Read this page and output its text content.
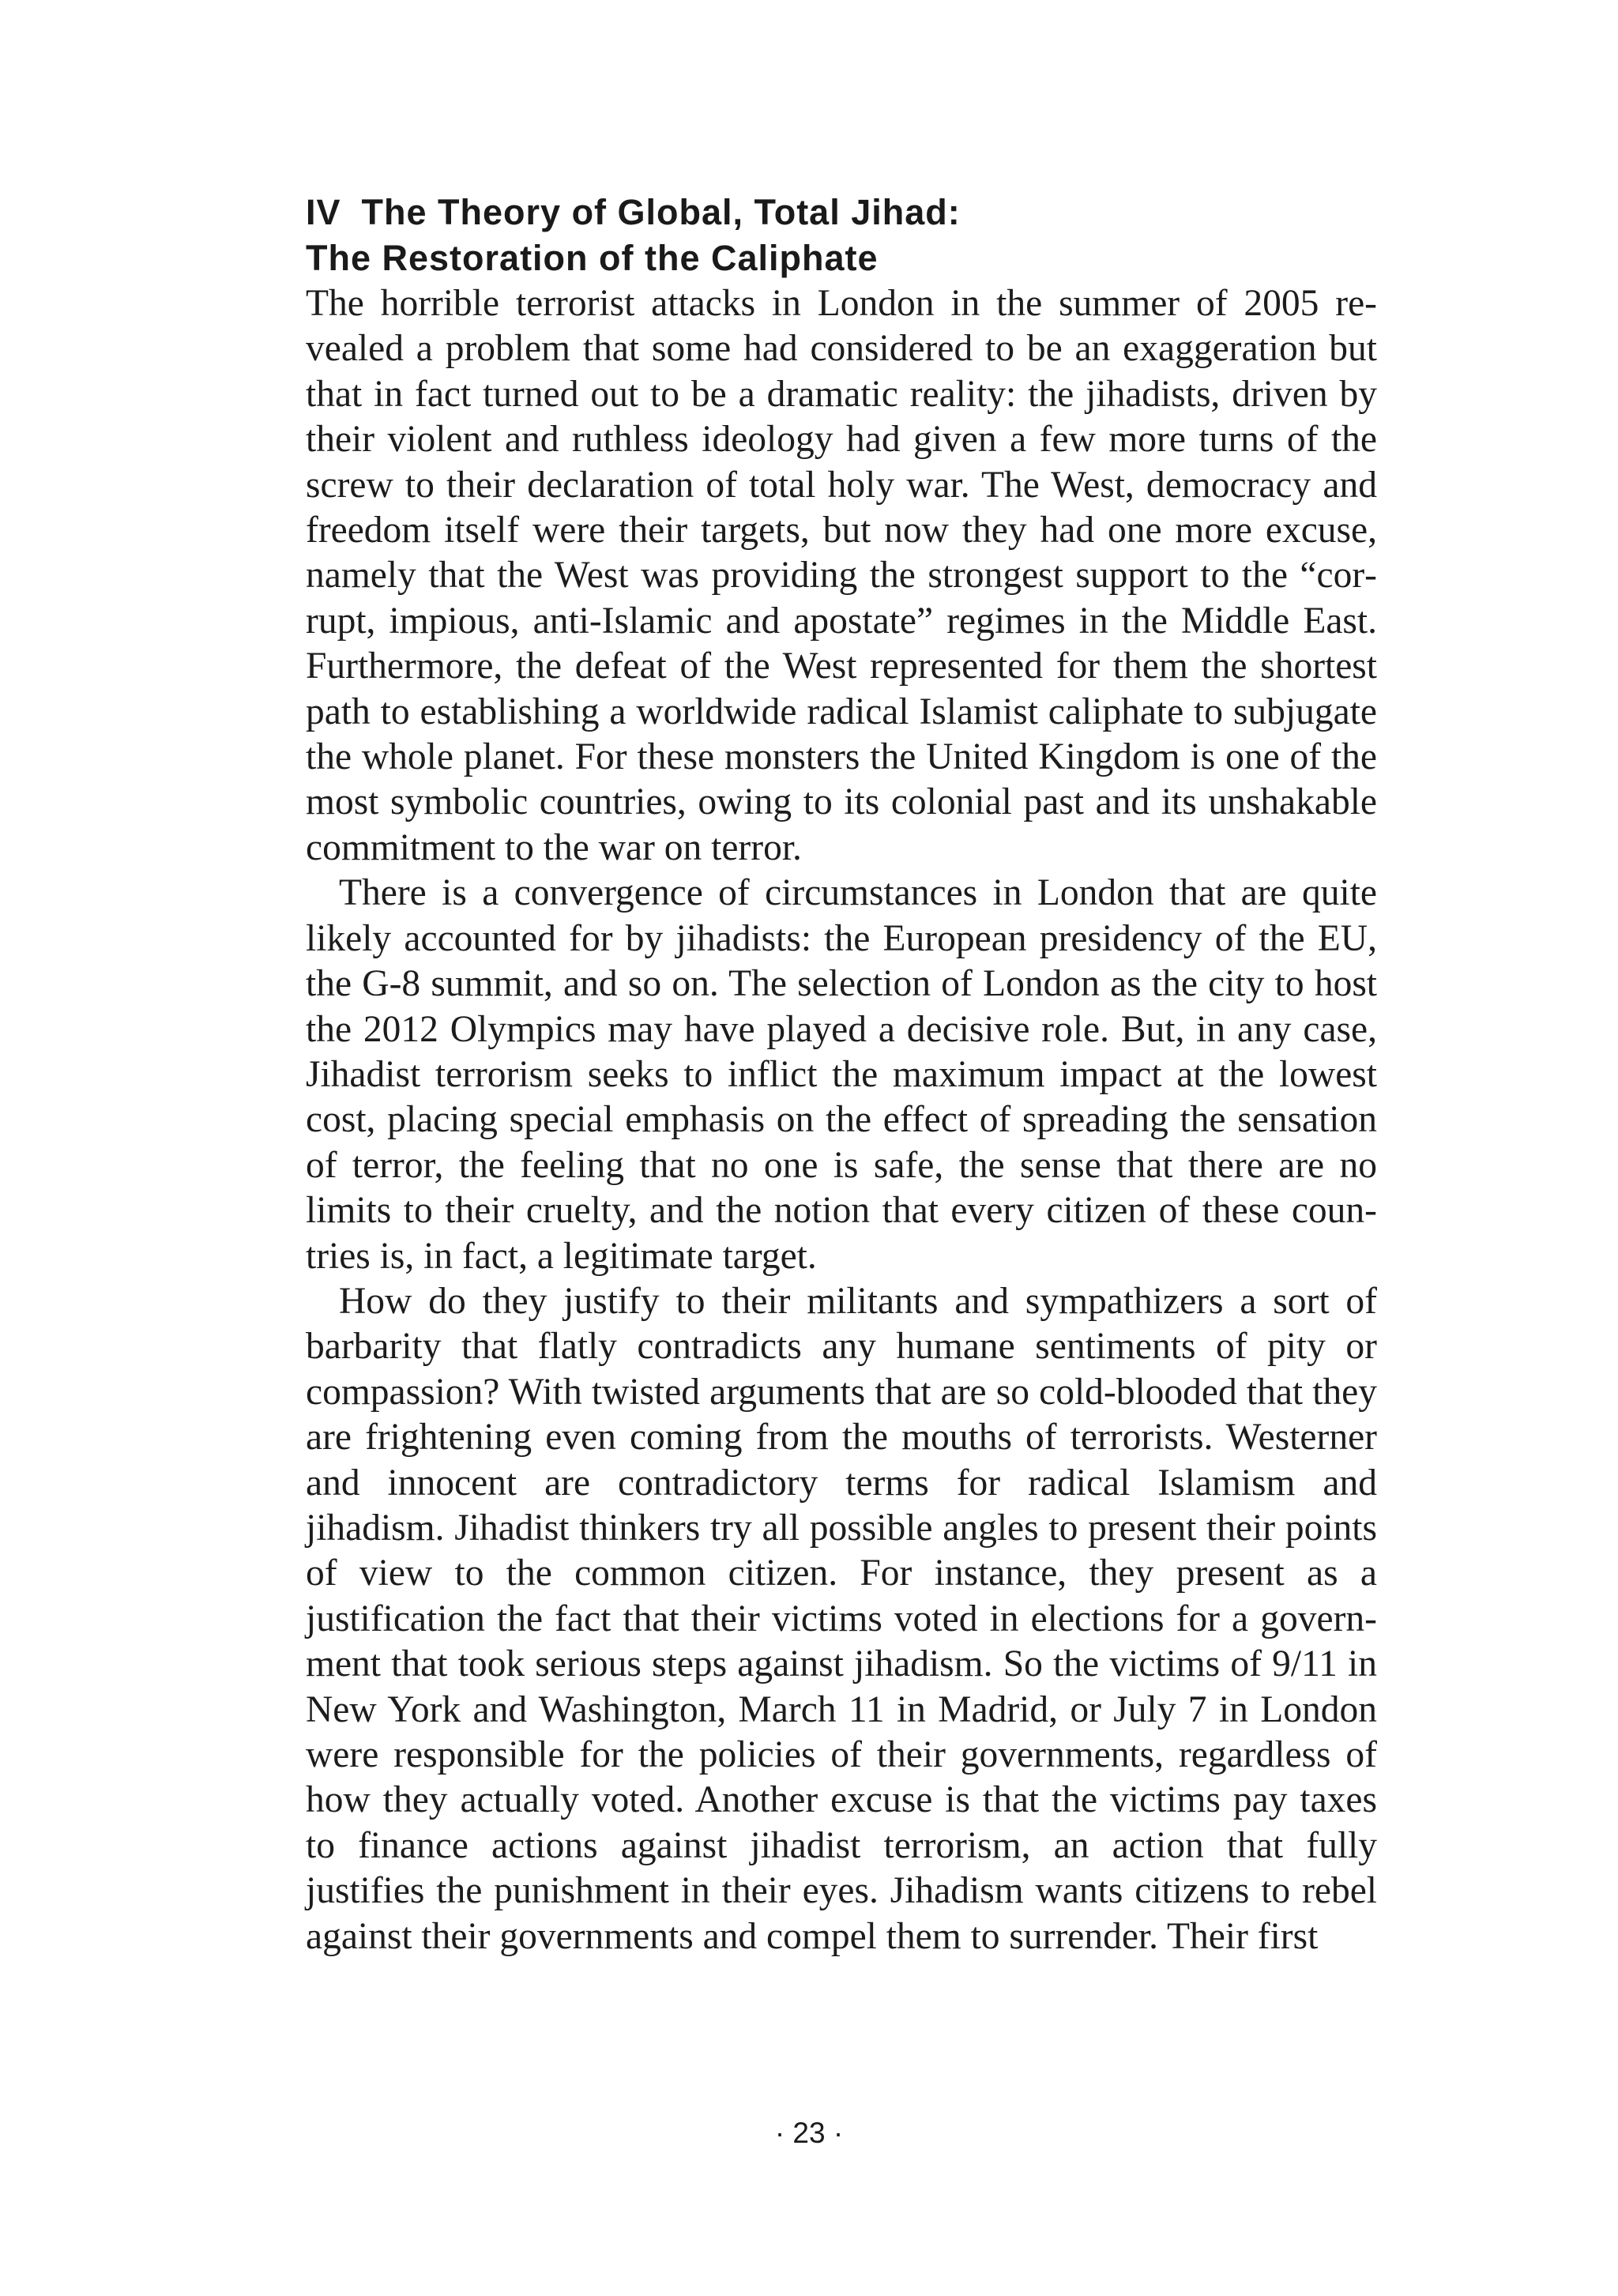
IV The Theory of Global, Total Jihad:
The Restoration of the Caliphate

The horrible terrorist attacks in London in the summer of 2005 revealed a problem that some had considered to be an exaggeration but that in fact turned out to be a dramatic reality: the jihadists, driven by their violent and ruthless ideology had given a few more turns of the screw to their declaration of total holy war. The West, democracy and freedom itself were their targets, but now they had one more excuse, namely that the West was providing the strongest support to the “corrupt, impious, anti-Islamic and apostate” regimes in the Middle East. Furthermore, the defeat of the West represented for them the shortest path to establishing a worldwide radical Islamist caliphate to subjugate the whole planet. For these monsters the United Kingdom is one of the most symbolic countries, owing to its colonial past and its unshakable commitment to the war on terror.

There is a convergence of circumstances in London that are quite likely accounted for by jihadists: the European presidency of the EU, the G-8 summit, and so on. The selection of London as the city to host the 2012 Olympics may have played a decisive role. But, in any case, Jihadist terrorism seeks to inflict the maximum impact at the lowest cost, placing special emphasis on the effect of spreading the sensation of terror, the feeling that no one is safe, the sense that there are no limits to their cruelty, and the notion that every citizen of these countries is, in fact, a legitimate target.

How do they justify to their militants and sympathizers a sort of barbarity that flatly contradicts any humane sentiments of pity or compassion? With twisted arguments that are so cold-blooded that they are frightening even coming from the mouths of terrorists. Westerner and innocent are contradictory terms for radical Islamism and jihadism. Jihadist thinkers try all possible angles to present their points of view to the common citizen. For instance, they present as a justification the fact that their victims voted in elections for a government that took serious steps against jihadism. So the victims of 9/11 in New York and Washington, March 11 in Madrid, or July 7 in London were responsible for the policies of their governments, regardless of how they actually voted. Another excuse is that the victims pay taxes to finance actions against jihadist terrorism, an action that fully justifies the punishment in their eyes. Jihadism wants citizens to rebel against their governments and compel them to surrender. Their first

· 23 ·
